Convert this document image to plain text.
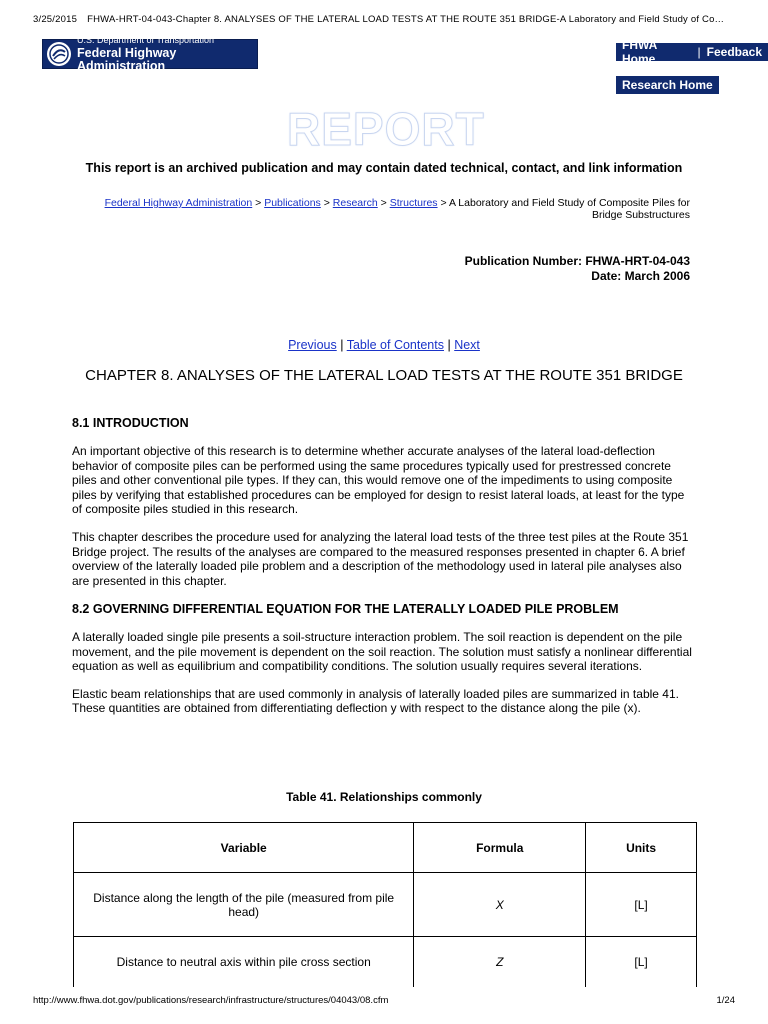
3/25/2015 FHWA-HRT-04-043-Chapter 8. ANALYSES OF THE LATERAL LOAD TESTS AT THE ROUTE 351 BRIDGE-A Laboratory and Field Study of Co…
U.S. Department of Transportation
Federal Highway Administration
FHWA Home	| Feedback
Research Home
REPORT
This report is an archived publication and may contain dated technical, contact, and link information
Federal Highway Administration > Publications > Research > Structures > A Laboratory and Field Study of Composite Piles for Bridge Substructures
Publication Number: FHWA-HRT-04-043
Date: March 2006
Previous | Table of Contents | Next
CHAPTER 8. ANALYSES OF THE LATERAL LOAD TESTS AT THE ROUTE 351 BRIDGE
8.1 INTRODUCTION

An important objective of this research is to determine whether accurate analyses of the lateral load-deflection behavior of composite piles can be performed using the same procedures typically used for prestressed concrete piles and other conventional pile types. If they can, this would remove one of the impediments to using composite piles by verifying that established procedures can be employed for design to resist lateral loads, at least for the type of composite piles studied in this research.

This chapter describes the procedure used for analyzing the lateral load tests of the three test piles at the Route 351 Bridge project. The results of the analyses are compared to the measured responses presented in chapter 6. A brief overview of the laterally loaded pile problem and a description of the methodology used in lateral pile analyses also are presented in this chapter.

8.2 GOVERNING DIFFERENTIAL EQUATION FOR THE LATERALLY LOADED PILE PROBLEM

A laterally loaded single pile presents a soil-structure interaction problem. The soil reaction is dependent on the pile movement, and the pile movement is dependent on the soil reaction. The solution must satisfy a nonlinear differential equation as well as equilibrium and compatibility conditions. The solution usually requires several iterations.

Elastic beam relationships that are used commonly in analysis of laterally loaded piles are summarized in table 41. These quantities are obtained from differentiating deflection y with respect to the distance along the pile (x).

Table 41. Relationships commonly
Variable	Formula	Units
Distance along the length of the pile (measured from pile head)	X	[L]
Distance to neutral axis within pile cross section	Z	[L]
http://www.fhwa.dot.gov/publications/research/infrastructure/structures/04043/08.cfm	1/24
